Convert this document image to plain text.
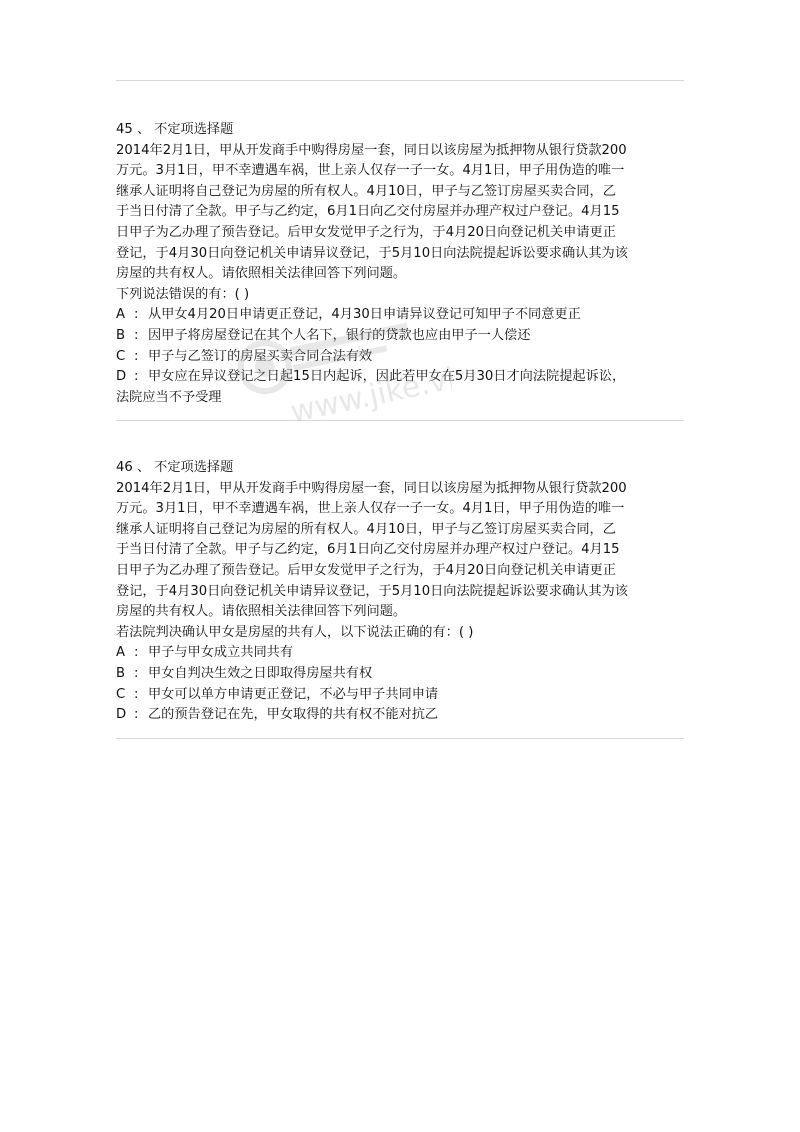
45 、 不定项选择题
2014年2月1日，甲从开发商手中购得房屋一套，同日以该房屋为抵押物从银行贷款200
万元。3月1日，甲不幸遭遇车祸，世上亲人仅存一子一女。4月1日，甲子用伪造的唯一
继承人证明将自己登记为房屋的所有权人。4月10日，甲子与乙签订房屋买卖合同，乙
于当日付清了全款。甲子与乙约定，6月1日向乙交付房屋并办理产权过户登记。4月15
日甲子为乙办理了预告登记。后甲女发觉甲子之行为，于4月20日向登记机关申请更正
登记，于4月30日向登记机关申请异议登记，于5月10日向法院提起诉讼要求确认其为该
房屋的共有权人。请依照相关法律回答下列问题。
下列说法错误的有：( )
A : 从甲女4月20日申请更正登记，4月30日申请异议登记可知甲子不同意更正
B : 因甲子将房屋登记在其个人名下，银行的贷款也应由甲子一人偿还
C : 甲子与乙签订的房屋买卖合同合法有效
D : 甲女应在异议登记之日起15日内起诉，因此若甲女在5月30日才向法院提起诉讼，
法院应当不予受理
46 、 不定项选择题
2014年2月1日，甲从开发商手中购得房屋一套，同日以该房屋为抵押物从银行贷款200
万元。3月1日，甲不幸遭遇车祸，世上亲人仅存一子一女。4月1日，甲子用伪造的唯一
继承人证明将自己登记为房屋的所有权人。4月10日，甲子与乙签订房屋买卖合同，乙
于当日付清了全款。甲子与乙约定，6月1日向乙交付房屋并办理产权过户登记。4月15
日甲子为乙办理了预告登记。后甲女发觉甲子之行为，于4月20日向登记机关申请更正
登记，于4月30日向登记机关申请异议登记，于5月10日向法院提起诉讼要求确认其为该
房屋的共有权人。请依照相关法律回答下列问题。
若法院判决确认甲女是房屋的共有人，以下说法正确的有：( )
A : 甲子与甲女成立共同共有
B : 甲女自判决生效之日即取得房屋共有权
C : 甲女可以单方申请更正登记，不必与甲子共同申请
D : 乙的预告登记在先，甲女取得的共有权不能对抗乙
www.jike.vip
